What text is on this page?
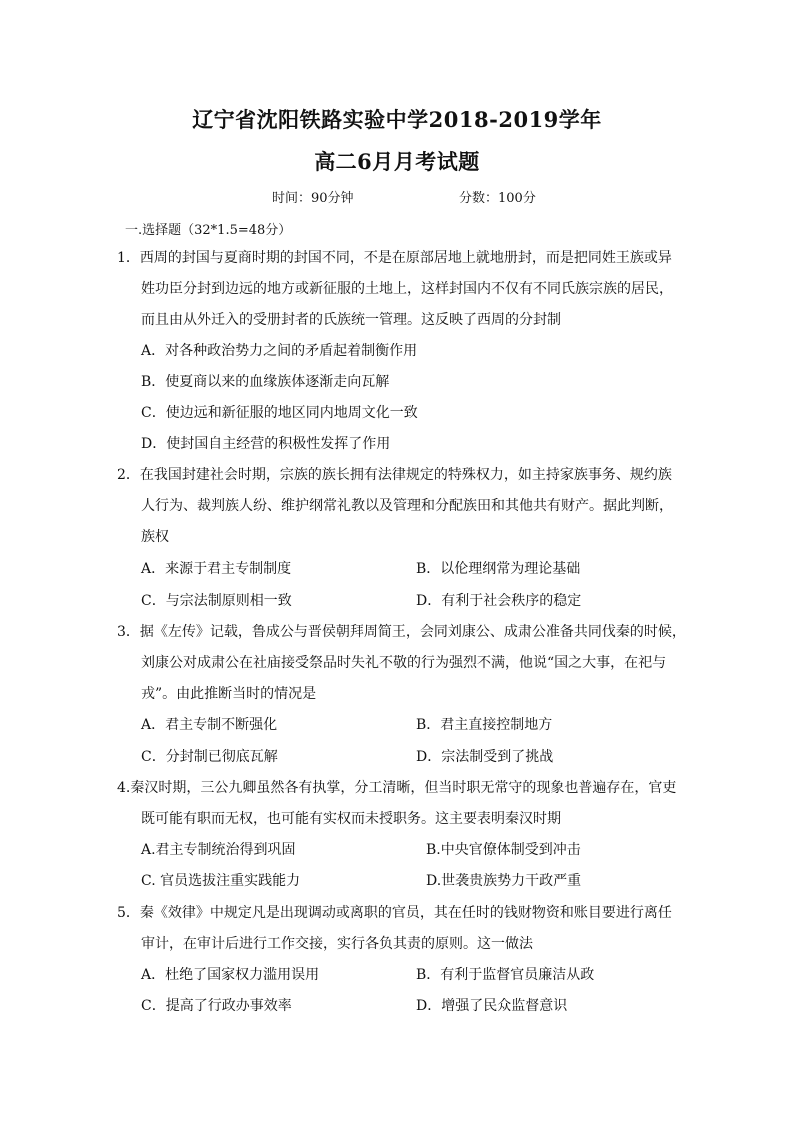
辽宁省沈阳铁路实验中学2018-2019学年
高二6月月考试题
时间：90分钟	分数：100分
一.选择题（32*1.5=48分）
1．西周的封国与夏商时期的封国不同，不是在原部居地上就地册封，而是把同姓王族或异
姓功臣分封到边远的地方或新征服的土地上，这样封国内不仅有不同氏族宗族的居民，
而且由从外迁入的受册封者的氏族统一管理。这反映了西周的分封制
A．对各种政治势力之间的矛盾起着制衡作用
B．使夏商以来的血缘族体逐渐走向瓦解
C．使边远和新征服的地区同内地周文化一致
D．使封国自主经营的积极性发挥了作用
2．在我国封建社会时期，宗族的族长拥有法律规定的特殊权力，如主持家族事务、规约族
人行为、裁判族人纷、维护纲常礼教以及管理和分配族田和其他共有财产。据此判断，
族权
A．来源于君主专制制度	B．以伦理纲常为理论基础
C．与宗法制原则相一致	D．有利于社会秩序的稳定
3．据《左传》记载，鲁成公与晋侯朝拜周简王，会同刘康公、成肃公准备共同伐秦的时候，
刘康公对成肃公在社庙接受祭品时失礼不敬的行为强烈不满，他说“国之大事，在祀与
戎”。由此推断当时的情况是
A．君主专制不断强化	B．君主直接控制地方
C．分封制已彻底瓦解	D．宗法制受到了挑战
4.秦汉时期，三公九卿虽然各有执掌，分工清晰，但当时职无常守的现象也普遍存在，官吏
既可能有职而无权，也可能有实权而未授职务。这主要表明秦汉时期
A.君主专制统治得到巩固	B.中央官僚体制受到冲击
C. 官员选拔注重实践能力	D.世袭贵族势力干政严重
5．秦《效律》中规定凡是出现调动或离职的官员，其在任时的钱财物资和账目要进行离任
审计，在审计后进行工作交接，实行各负其责的原则。这一做法
A．杜绝了国家权力滥用误用	B．有利于监督官员廉洁从政
C．提高了行政办事效率	D．增强了民众监督意识
